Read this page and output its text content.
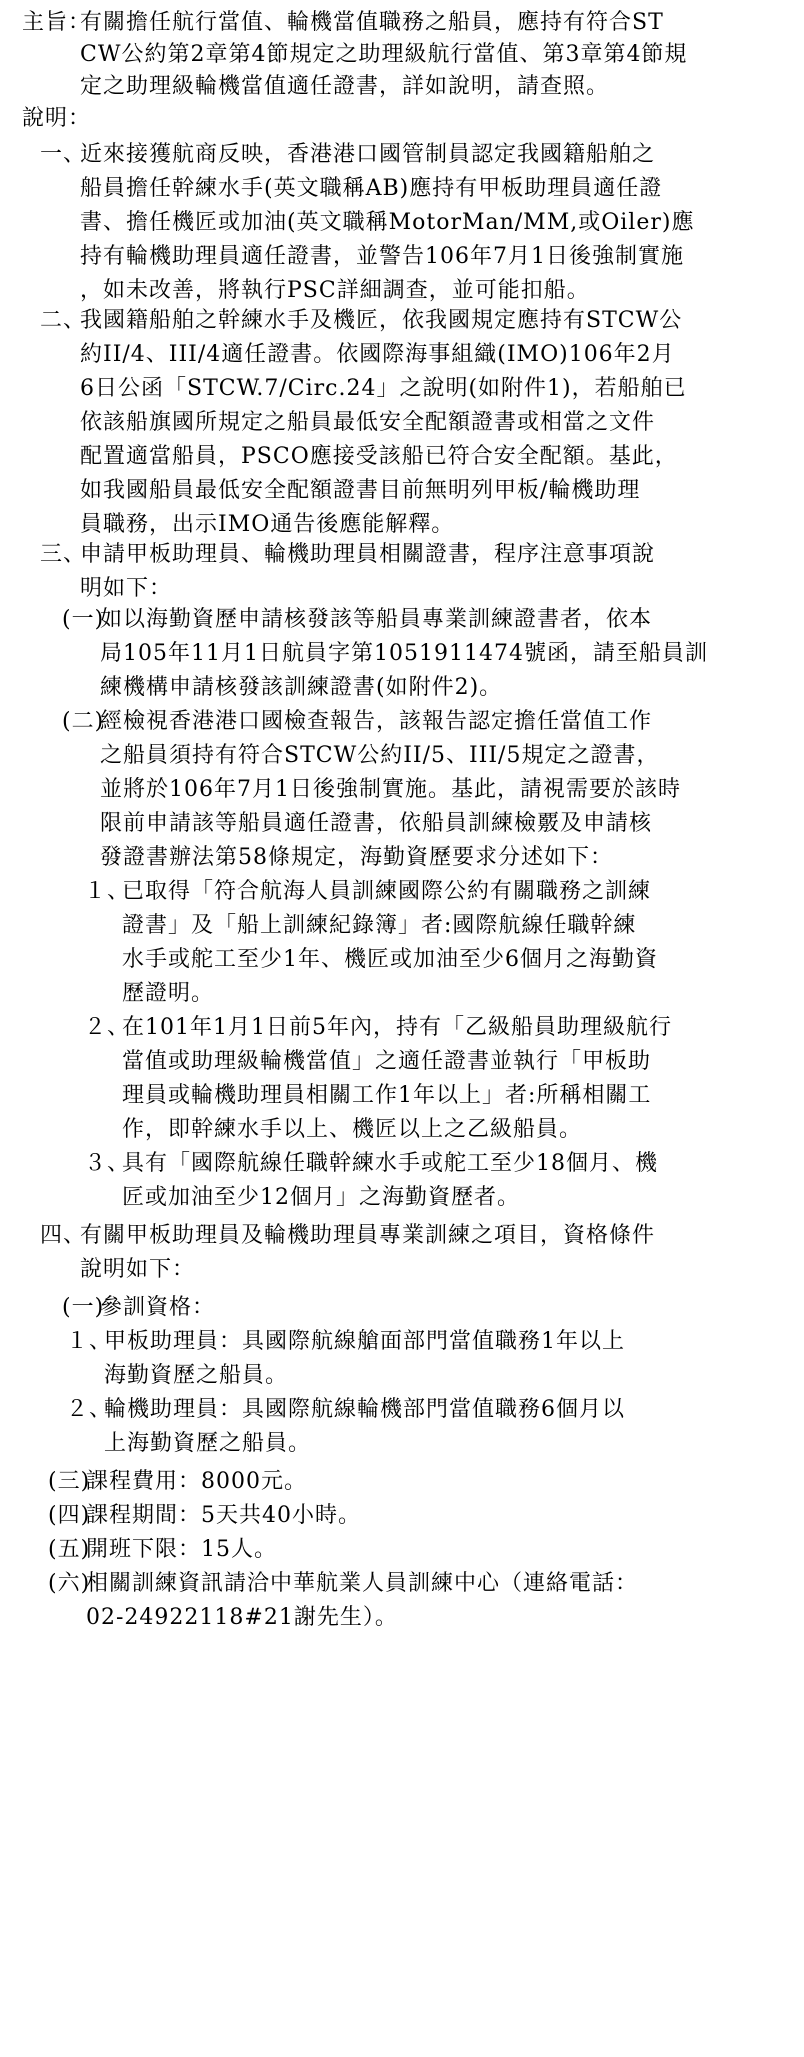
主旨：
有關擔任航行當值、輪機當值職務之船員，應持有符合ST
CW公約第2章第4節規定之助理級航行當值、第3章第4節規
定之助理級輪機當值適任證書，詳如說明，請查照。
說明：
一、
近來接獲航商反映，香港港口國管制員認定我國籍船舶之
船員擔任幹練水手(英文職稱AB)應持有甲板助理員適任證
書、擔任機匠或加油(英文職稱MotorMan/MM,或Oiler)應
持有輪機助理員適任證書，並警告106年7月1日後強制實施
，如未改善，將執行PSC詳細調查，並可能扣船。
二、
我國籍船舶之幹練水手及機匠，依我國規定應持有STCW公
約II/4、III/4適任證書。依國際海事組織(IMO)106年2月
6日公函「STCW.7/Circ.24」之說明(如附件1)，若船舶已
依該船旗國所規定之船員最低安全配額證書或相當之文件
配置適當船員，PSCO應接受該船已符合安全配額。基此，
如我國船員最低安全配額證書目前無明列甲板/輪機助理
員職務，出示IMO通告後應能解釋。
三、
申請甲板助理員、輪機助理員相關證書，程序注意事項說
明如下：
(一)
如以海勤資歷申請核發該等船員專業訓練證書者，依本
局105年11月1日航員字第1051911474號函，請至船員訓
練機構申請核發該訓練證書(如附件2)。
(二)
經檢視香港港口國檢查報告，該報告認定擔任當值工作
之船員須持有符合STCW公約II/5、III/5規定之證書，
並將於106年7月1日後強制實施。基此，請視需要於該時
限前申請該等船員適任證書，依船員訓練檢覈及申請核
發證書辦法第58條規定，海勤資歷要求分述如下：
１、
已取得「符合航海人員訓練國際公約有關職務之訓練
證書」及「船上訓練紀錄簿」者:國際航線任職幹練
水手或舵工至少1年、機匠或加油至少6個月之海勤資
歷證明。
２、
在101年1月1日前5年內，持有「乙級船員助理級航行
當值或助理級輪機當值」之適任證書並執行「甲板助
理員或輪機助理員相關工作1年以上」者:所稱相關工
作，即幹練水手以上、機匠以上之乙級船員。
３、
具有「國際航線任職幹練水手或舵工至少18個月、機
匠或加油至少12個月」之海勤資歷者。
四、
有關甲板助理員及輪機助理員專業訓練之項目，資格條件
說明如下：
(一)
參訓資格：
１、
甲板助理員：具國際航線艙面部門當值職務1年以上
海勤資歷之船員。
２、
輪機助理員：具國際航線輪機部門當值職務6個月以
上海勤資歷之船員。
(三)
課程費用：8000元。
(四)
課程期間：5天共40小時。
(五)
開班下限：15人。
(六)
相關訓練資訊請洽中華航業人員訓練中心（連絡電話：
02-24922118#21謝先生）。
